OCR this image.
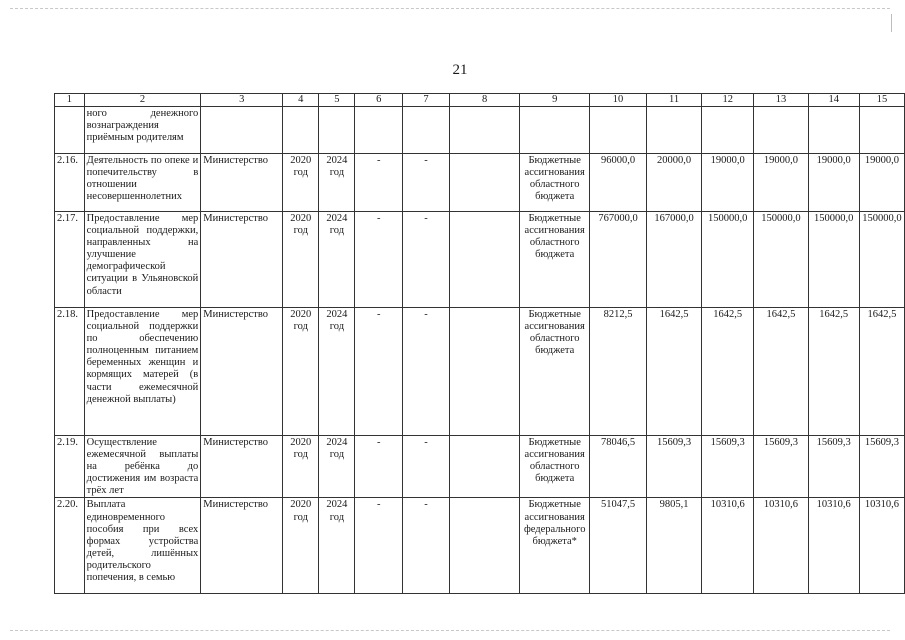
21
1	2	3	4	5	6	7	8	9	10	11	12	13	14	15
	ного денежного вознаграждения приёмным родителям													
2.16.	Деятельность по опеке и попечительству в отношении несовершеннолетних	Министерство	2020 год	2024 год	-	-		Бюджетные ассигнования областного бюджета	96000,0	20000,0	19000,0	19000,0	19000,0	19000,0
2.17.	Предоставление мер социальной поддержки, направленных на улучшение демографической ситуации в Ульяновской области	Министерство	2020 год	2024 год	-	-		Бюджетные ассигнования областного бюджета	767000,0	167000,0	150000,0	150000,0	150000,0	150000,0
2.18.	Предоставление мер социальной поддержки по обеспечению полноценным питанием беременных женщин и кормящих матерей (в части ежемесячной денежной выплаты)	Министерство	2020 год	2024 год	-	-		Бюджетные ассигнования областного бюджета	8212,5	1642,5	1642,5	1642,5	1642,5	1642,5
2.19.	Осуществление ежемесячной выплаты на ребёнка до достижения им возраста трёх лет	Министерство	2020 год	2024 год	-	-		Бюджетные ассигнования областного бюджета	78046,5	15609,3	15609,3	15609,3	15609,3	15609,3
2.20.	Выплата единовременного пособия при всех формах устройства детей, лишённых родительского попечения, в семью	Министерство	2020 год	2024 год	-	-		Бюджетные ассигнования федерального бюджета*	51047,5	9805,1	10310,6	10310,6	10310,6	10310,6
